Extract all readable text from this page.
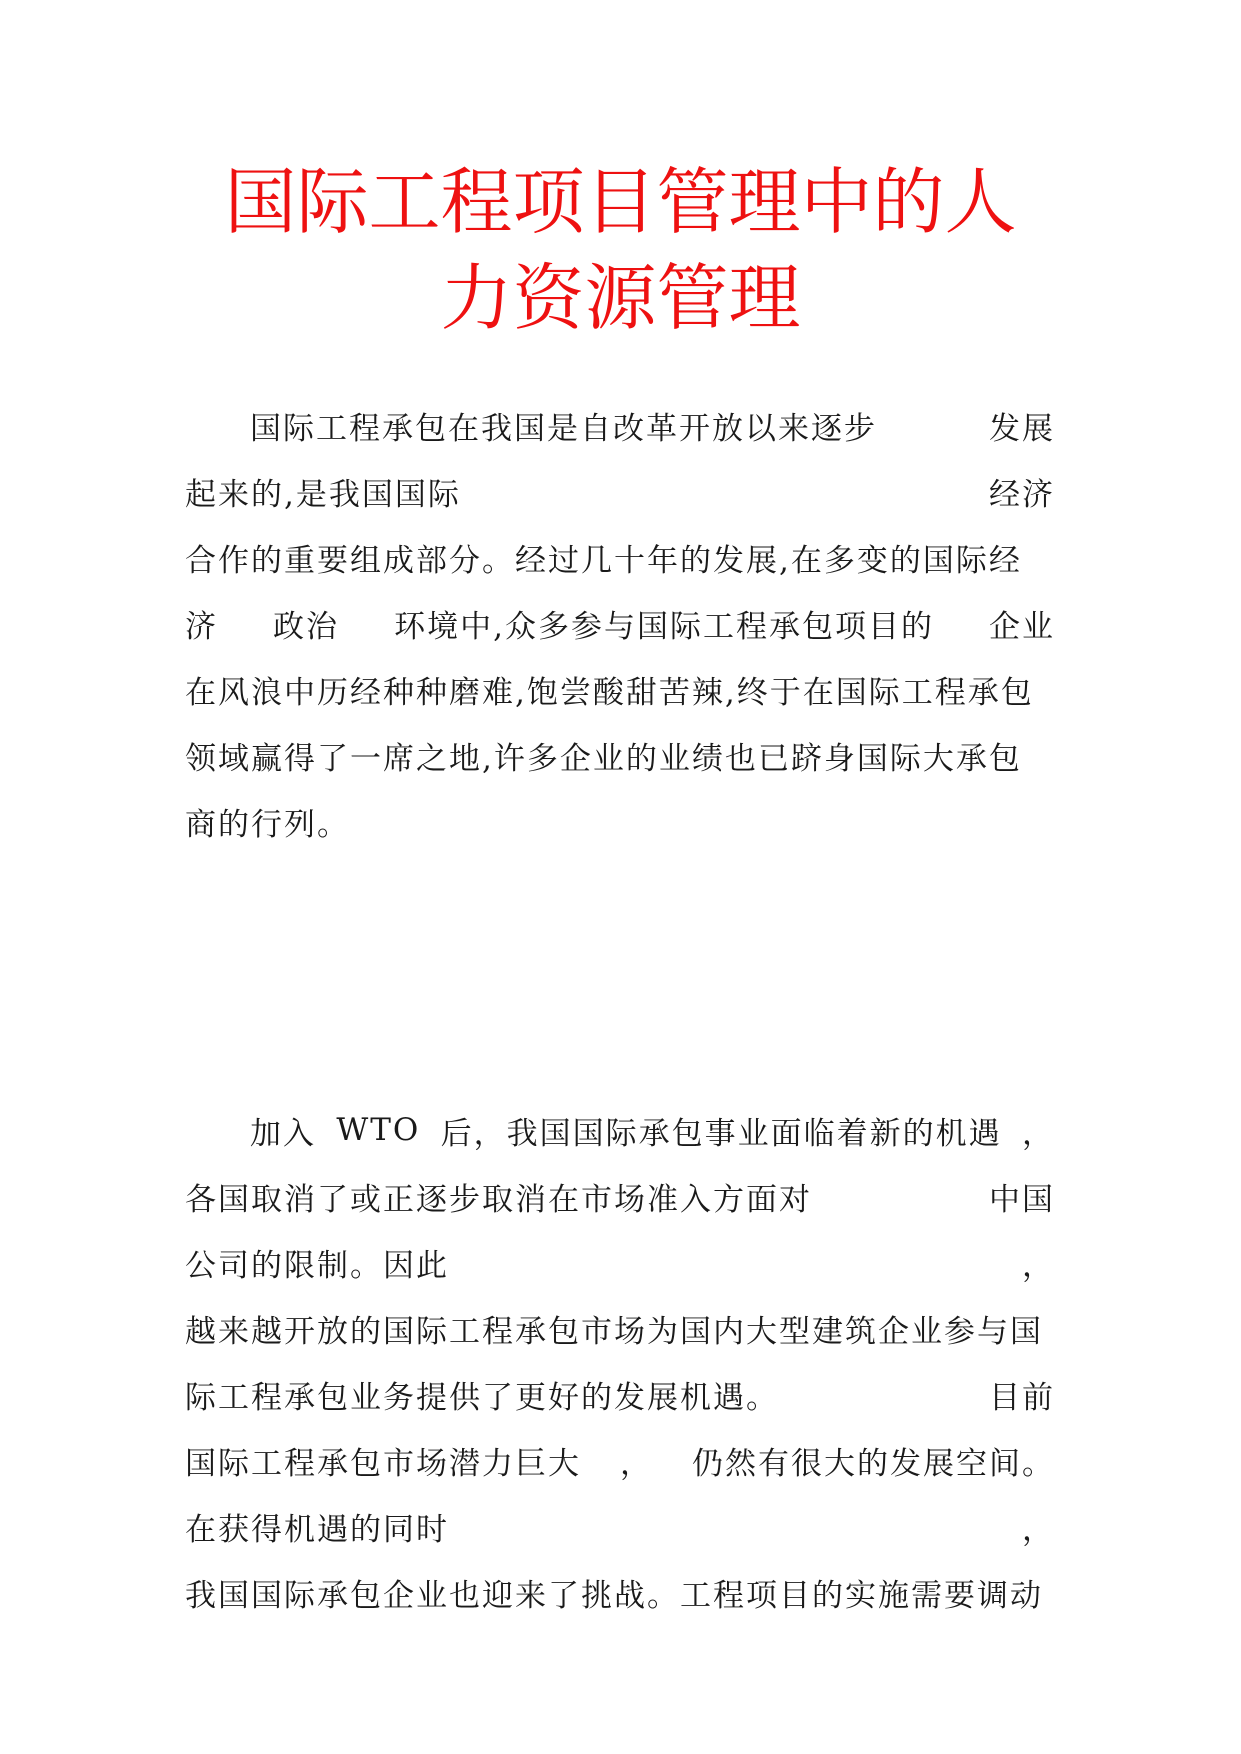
国际工程项目管理中的人
力资源管理
国际工程承包在我国是自改革开放以来逐步	发展
起来的,是我国国际	经济
合作的重要组成部分。经过几十年的发展,在多变的国际经
济 政治 环境中,众多参与国际工程承包项目的 企业
在风浪中历经种种磨难,饱尝酸甜苦辣,终于在国际工程承包
领域赢得了一席之地,许多企业的业绩也已跻身国际大承包
商的行列。
加入 WTO 后，我国国际承包事业面临着新的机遇 ，
各国取消了或正逐步取消在市场准入方面对	中国
公司的限制。因此	，
越来越开放的国际工程承包市场为国内大型建筑企业参与国
际工程承包业务提供了更好的发展机遇。	目前
国际工程承包市场潜力巨大 ， 仍然有很大的发展空间。
在获得机遇的同时	，
我国国际承包企业也迎来了挑战。工程项目的实施需要调动
